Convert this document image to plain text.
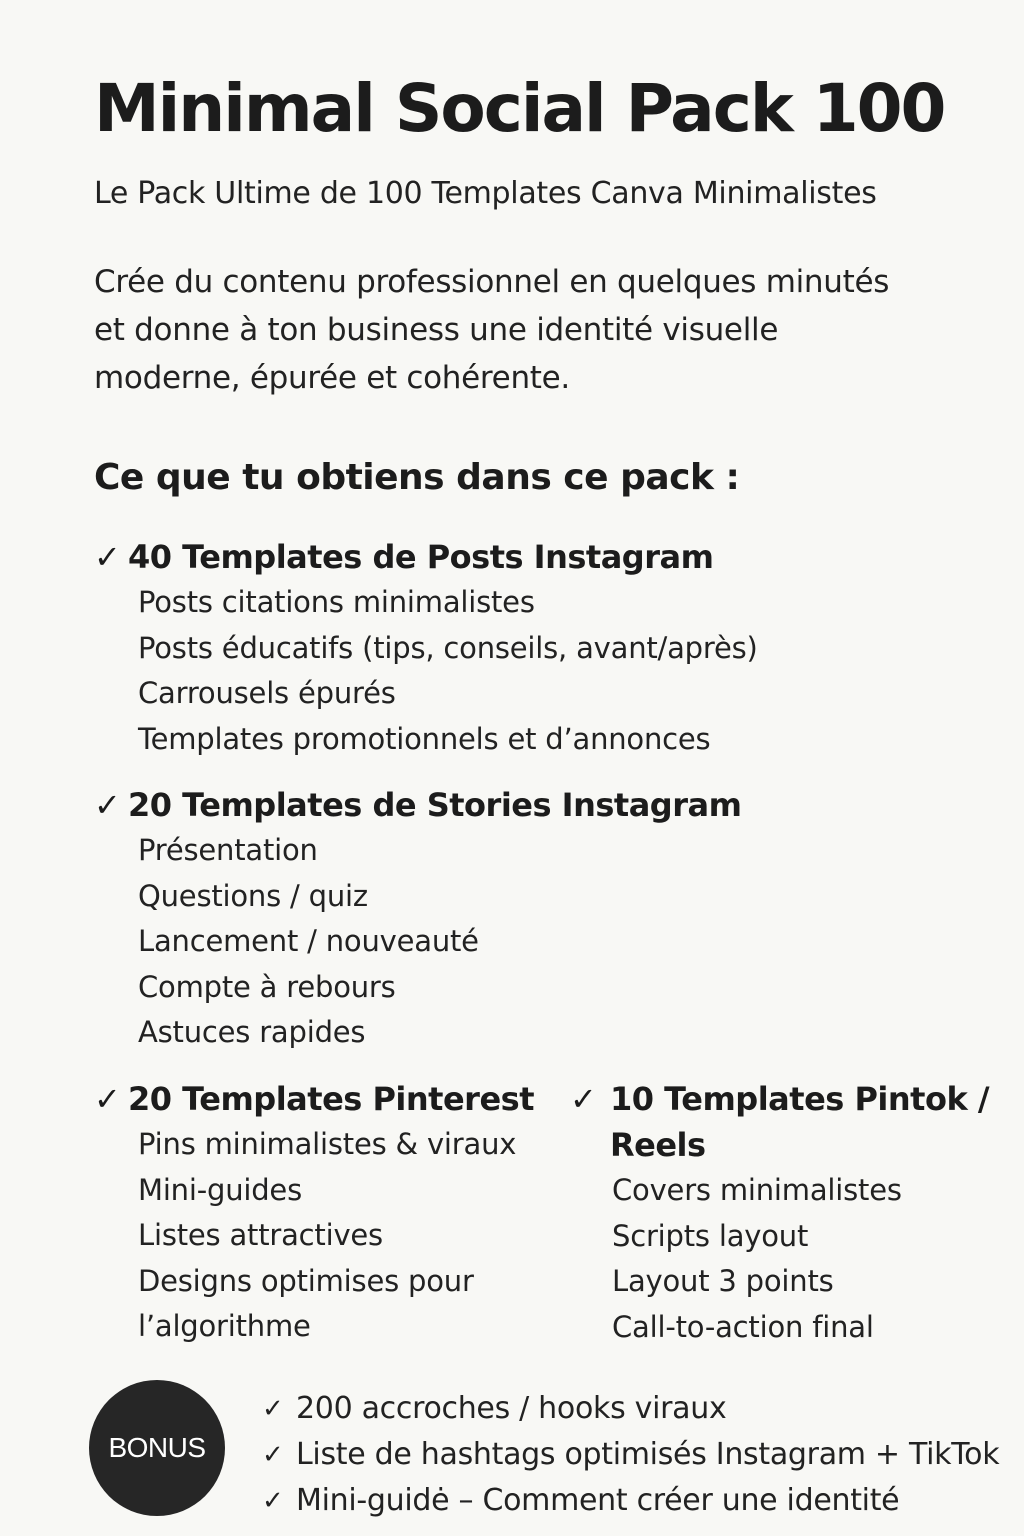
Minimal Social Pack 100
Le Pack Ultime de 100 Templates Canva Minimalistes
Crée du contenu professionnel en quelques minutés
et donne à ton business une identité visuelle
moderne, épurée et cohérente.
Ce que tu obtiens dans ce pack :
✓ 40 Templates de Posts Instagram
Posts citations minimalistes
Posts éducatifs (tips, conseils, avant/après)
Carrousels épurés
Templates promotionnels et d’annonces
✓ 20 Templates de Stories Instagram
Présentation
Questions / quiz
Lancement / nouveauté
Compte à rebours
Astuces rapides
✓ 20 Templates Pinterest
Pins minimalistes & viraux
Mini-guides
Listes attractives
Designs optimises pour
l’algorithme
✓ 10 Templates Pintok /
Reels
Covers minimalistes
Scripts layout
Layout 3 points
Call-to-action final
BONUS
✓ 200 accroches / hooks viraux
✓ Liste de hashtags optimisés Instagram + TikTok
✓ Mini-guidė – Comment créer une identité
